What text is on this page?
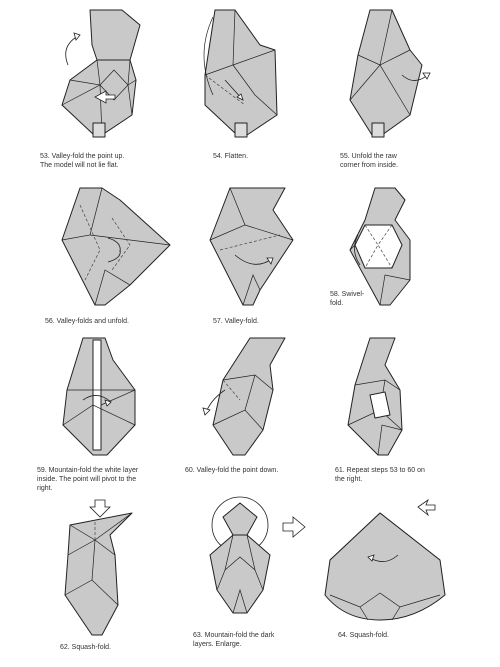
53. Valley-fold the point up.
The model will not lie flat.
54. Flatten.	55. Unfold the raw
corner from inside.
56. Valley-folds and unfold.	57. Valley-fold.
58. Swivel-
fold.
59. Mountain-fold the white layer
inside. The point will pivot to the
right.
60. Valley-fold the point down.	61. Repeat steps 53 to 60 on
the right.
62. Squash-fold.
63. Mountain-fold the dark
layers. Enlarge.
64. Squash-fold.
